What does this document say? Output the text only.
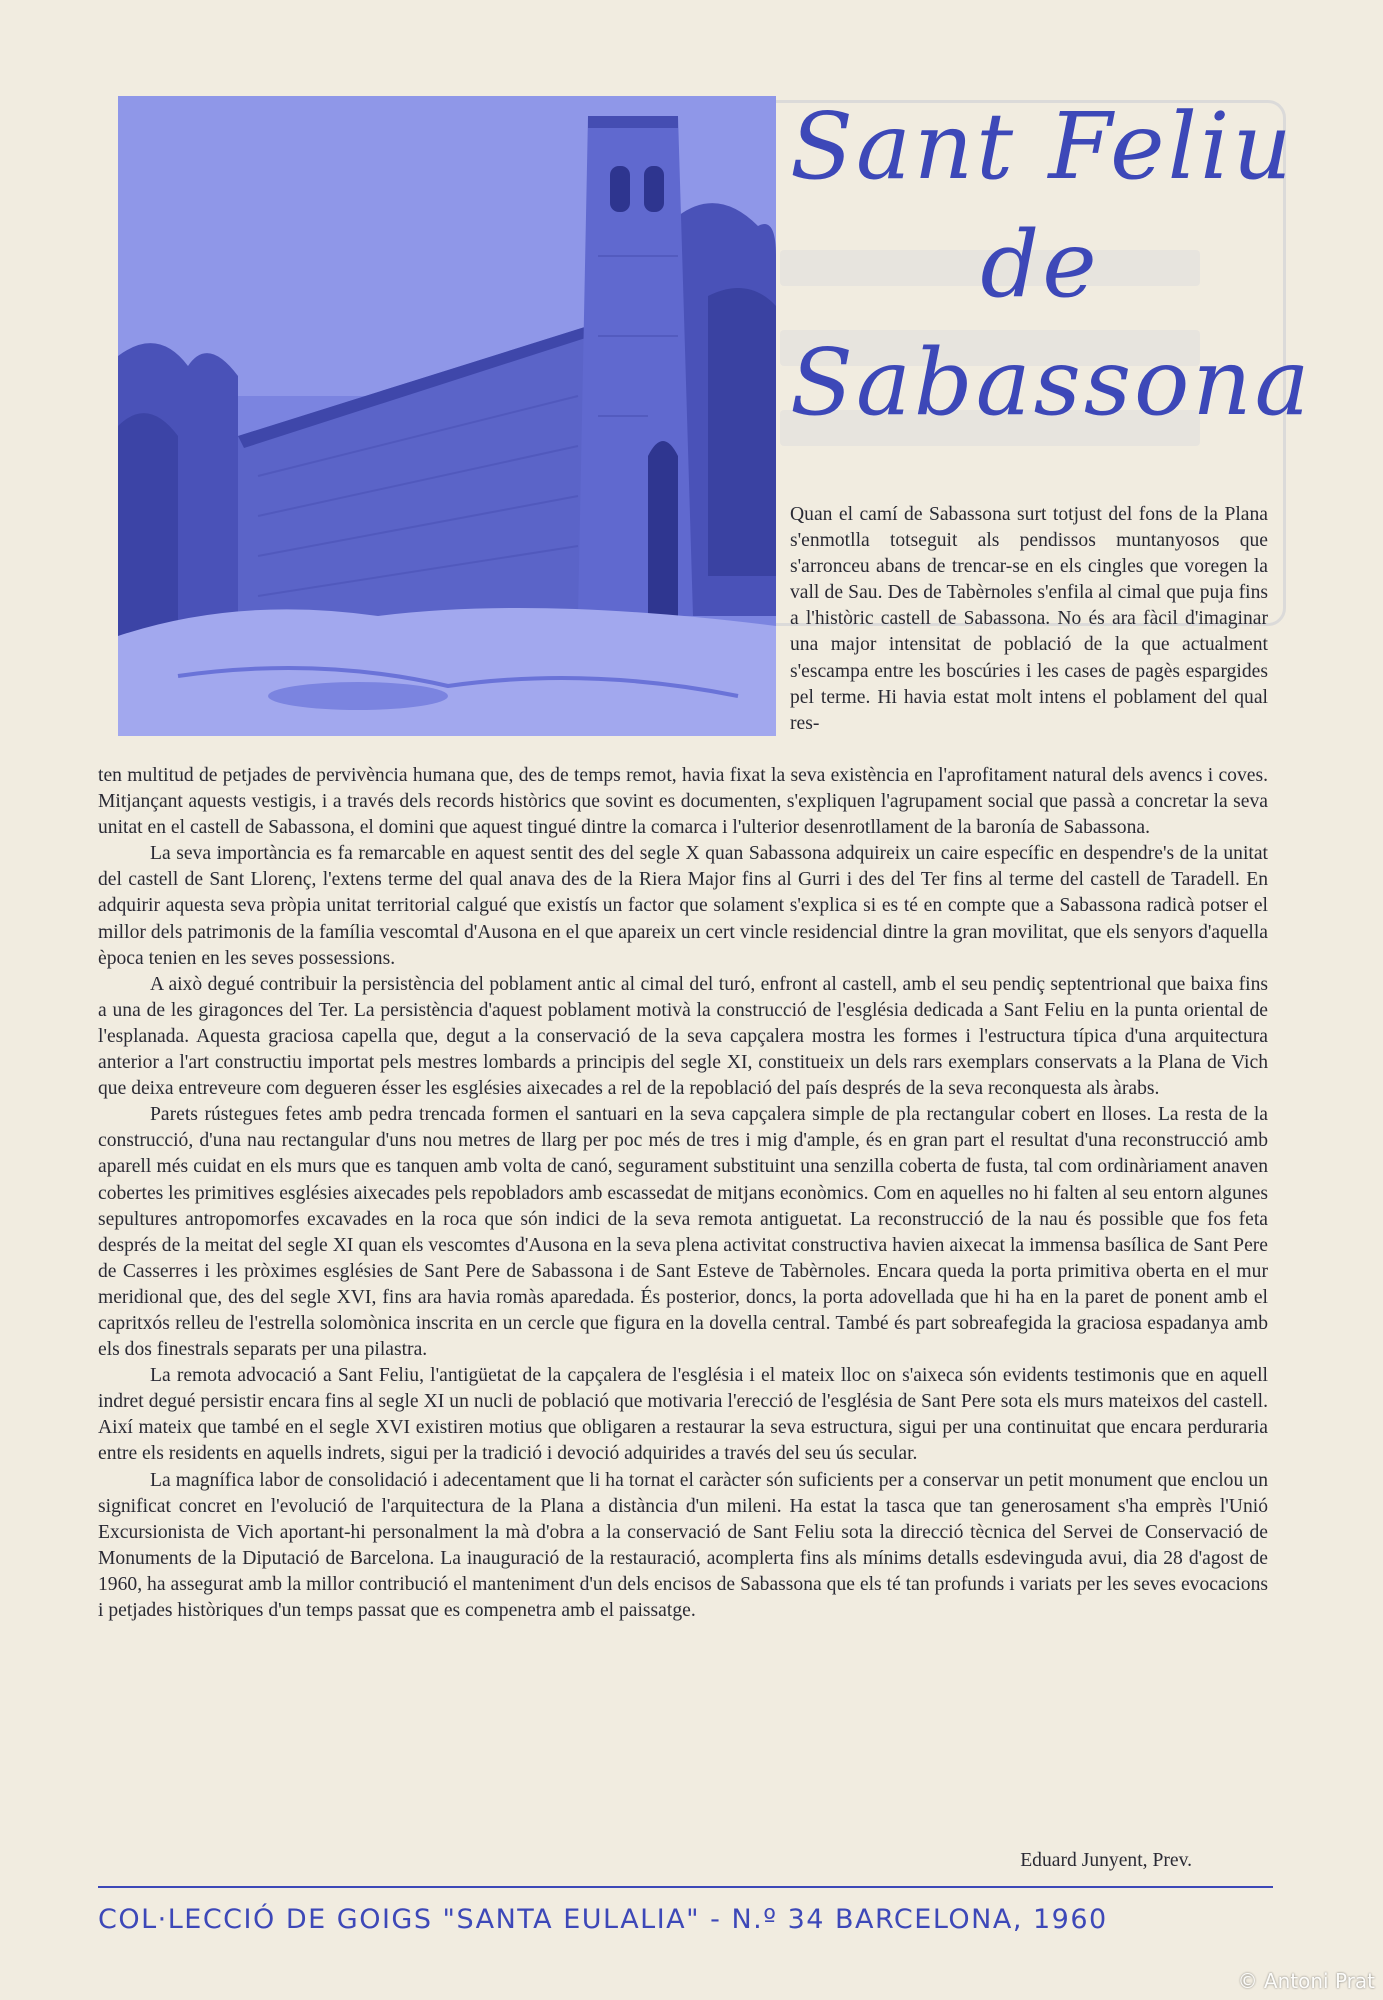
Sant Feliu
de
Sabassona
Quan el camí de Sabassona surt totjust del fons de la Plana s'enmotlla totseguit als pendissos muntanyosos que s'arronceu abans de trencar-se en els cingles que voregen la vall de Sau. Des de Tabèrnoles s'enfila al cimal que puja fins a l'històric castell de Sabassona. No és ara fàcil d'imaginar una major intensitat de població de la que actualment s'escampa entre les boscúries i les cases de pagès espargides pel terme. Hi havia estat molt intens el poblament del qual res-

ten multitud de petjades de pervivència humana que, des de temps remot, havia fixat la seva existència en l'aprofitament natural dels avencs i coves. Mitjançant aquests vestigis, i a través dels records històrics que sovint es documenten, s'expliquen l'agrupament social que passà a concretar la seva unitat en el castell de Sabassona, el domini que aquest tingué dintre la comarca i l'ulterior desenrotllament de la baronía de Sabassona.

La seva importància es fa remarcable en aquest sentit des del segle X quan Sabassona adquireix un caire específic en despendre's de la unitat del castell de Sant Llorenç, l'extens terme del qual anava des de la Riera Major fins al Gurri i des del Ter fins al terme del castell de Taradell. En adquirir aquesta seva pròpia unitat territorial calgué que existís un factor que solament s'explica si es té en compte que a Sabassona radicà potser el millor dels patrimonis de la família vescomtal d'Ausona en el que apareix un cert vincle residencial dintre la gran movilitat, que els senyors d'aquella època tenien en les seves possessions.

A això degué contribuir la persistència del poblament antic al cimal del turó, enfront al castell, amb el seu pendiç septentrional que baixa fins a una de les giragonces del Ter. La persistència d'aquest poblament motivà la construcció de l'església dedicada a Sant Feliu en la punta oriental de l'esplanada. Aquesta graciosa capella que, degut a la conservació de la seva capçalera mostra les formes i l'estructura típica d'una arquitectura anterior a l'art constructiu importat pels mestres lombards a principis del segle XI, constitueix un dels rars exemplars conservats a la Plana de Vich que deixa entreveure com degueren ésser les esglésies aixecades a rel de la repoblació del país després de la seva reconquesta als àrabs.

Parets rústegues fetes amb pedra trencada formen el santuari en la seva capçalera simple de pla rectangular cobert en lloses. La resta de la construcció, d'una nau rectangular d'uns nou metres de llarg per poc més de tres i mig d'ample, és en gran part el resultat d'una reconstrucció amb aparell més cuidat en els murs que es tanquen amb volta de canó, segurament substituint una senzilla coberta de fusta, tal com ordinàriament anaven cobertes les primitives esglésies aixecades pels repobladors amb escassedat de mitjans econòmics. Com en aquelles no hi falten al seu entorn algunes sepultures antropomorfes excavades en la roca que són indici de la seva remota antiguetat. La reconstrucció de la nau és possible que fos feta després de la meitat del segle XI quan els vescomtes d'Ausona en la seva plena activitat constructiva havien aixecat la immensa basílica de Sant Pere de Casserres i les pròximes esglésies de Sant Pere de Sabassona i de Sant Esteve de Tabèrnoles. Encara queda la porta primitiva oberta en el mur meridional que, des del segle XVI, fins ara havia romàs aparedada. És posterior, doncs, la porta adovellada que hi ha en la paret de ponent amb el capritxós relleu de l'estrella solomònica inscrita en un cercle que figura en la dovella central. També és part sobreafegida la graciosa espadanya amb els dos finestrals separats per una pilastra.

La remota advocació a Sant Feliu, l'antigüetat de la capçalera de l'església i el mateix lloc on s'aixeca són evidents testimonis que en aquell indret degué persistir encara fins al segle XI un nucli de població que motivaria l'erecció de l'església de Sant Pere sota els murs mateixos del castell. Així mateix que també en el segle XVI existiren motius que obligaren a restaurar la seva estructura, sigui per una continuitat que encara perduraria entre els residents en aquells indrets, sigui per la tradició i devoció adquirides a través del seu ús secular.

La magnífica labor de consolidació i adecentament que li ha tornat el caràcter són suficients per a conservar un petit monument que enclou un significat concret en l'evolució de l'arquitectura de la Plana a distància d'un mileni. Ha estat la tasca que tan generosament s'ha emprès l'Unió Excursionista de Vich aportant-hi personalment la mà d'obra a la conservació de Sant Feliu sota la direcció tècnica del Servei de Conservació de Monuments de la Diputació de Barcelona. La inauguració de la restauració, acomplerta fins als mínims detalls esdevinguda avui, dia 28 d'agost de 1960, ha assegurat amb la millor contribució el manteniment d'un dels encisos de Sabassona que els té tan profunds i variats per les seves evocacions i petjades històriques d'un temps passat que es compenetra amb el paissatge.

Eduard Junyent, Prev.
COL·LECCIÓ DE GOIGS "SANTA EULALIA" - N.º 34 BARCELONA, 1960
© Antoni Prat
